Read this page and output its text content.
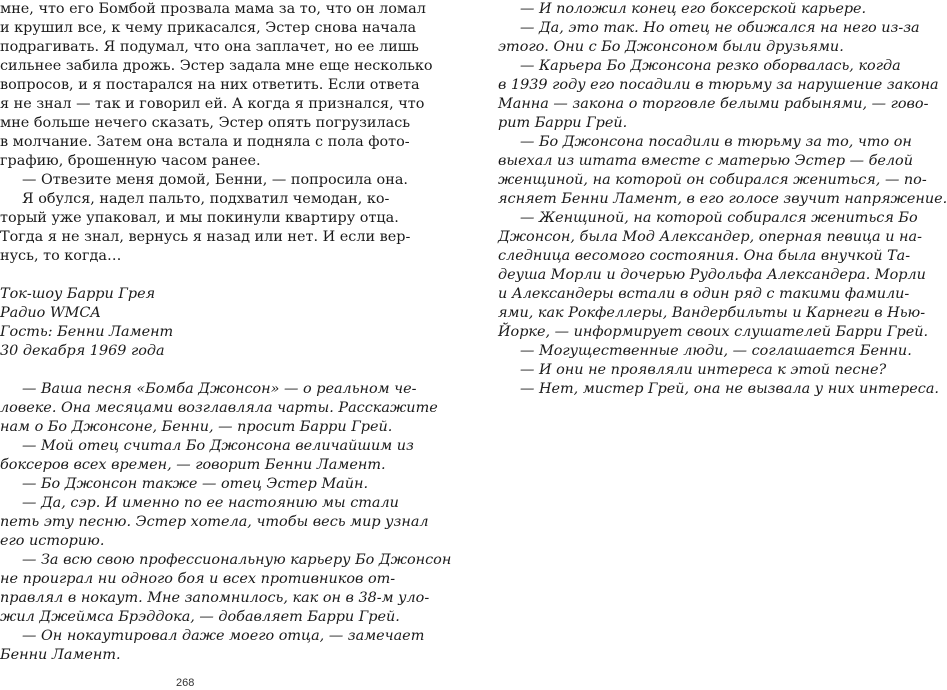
мне, что его Бомбой прозвала мама за то, что он ломал
и крушил все, к чему прикасался, Эстер снова начала
подрагивать. Я подумал, что она заплачет, но ее лишь
сильнее забила дрожь. Эстер задала мне еще несколько
вопросов, и я постарался на них ответить. Если ответа
я не знал — так и говорил ей. А когда я признался, что
мне больше нечего сказать, Эстер опять погрузилась
в молчание. Затем она встала и подняла с пола фото-
графию, брошенную часом ранее.
— Отвезите меня домой, Бенни, — попросила она.
Я обулся, надел пальто, подхватил чемодан, ко-
торый уже упаковал, и мы покинули квартиру отца.
Тогда я не знал, вернусь я назад или нет. И если вер-
нусь, то когда…
Ток-шоу Барри Грея
Радио WMCA
Гость: Бенни Ламент
30 декабря 1969 года
— Ваша песня «Бомба Джонсон» — о реальном че-
ловеке. Она месяцами возглавляла чарты. Расскажите
нам о Бо Джонсоне, Бенни, — просит Барри Грей.
— Мой отец считал Бо Джонсона величайшим из
боксеров всех времен, — говорит Бенни Ламент.
— Бо Джонсон также — отец Эстер Майн.
— Да, сэр. И именно по ее настоянию мы стали
петь эту песню. Эстер хотела, чтобы весь мир узнал
его историю.
— За всю свою профессиональную карьеру Бо Джонсон
не проиграл ни одного боя и всех противников от-
правлял в нокаут. Мне запомнилось, как он в 38-м уло-
жил Джеймса Брэддока, — добавляет Барри Грей.
— Он нокаутировал даже моего отца, — замечает
Бенни Ламент.
— И положил конец его боксерской карьере.
— Да, это так. Но отец не обижался на него из-за
этого. Они с Бо Джонсоном были друзьями.
— Карьера Бо Джонсона резко оборвалась, когда
в 1939 году его посадили в тюрьму за нарушение закона
Манна — закона о торговле белыми рабынями, — гово-
рит Барри Грей.
— Бо Джонсона посадили в тюрьму за то, что он
выехал из штата вместе с матерью Эстер — белой
женщиной, на которой он собирался жениться, — по-
ясняет Бенни Ламент, в его голосе звучит напряжение.
— Женщиной, на которой собирался жениться Бо
Джонсон, была Мод Александер, оперная певица и на-
следница весомого состояния. Она была внучкой Та-
деуша Морли и дочерью Рудольфа Александера. Морли
и Александеры встали в один ряд с такими фамили-
ями, как Рокфеллеры, Вандербильты и Карнеги в Нью-
Йорке, — информирует своих слушателей Барри Грей.
— Могущественные люди, — соглашается Бенни.
— И они не проявляли интереса к этой песне?
— Нет, мистер Грей, она не вызвала у них интереса.
268
